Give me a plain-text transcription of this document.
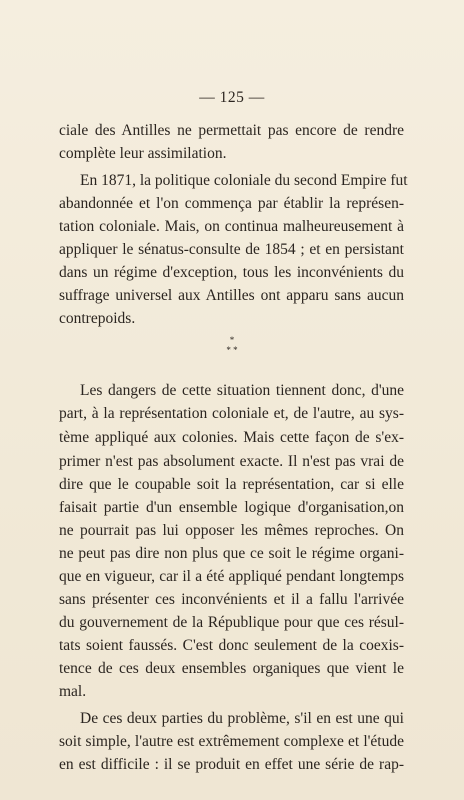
— 125 —
ciale des Antilles ne permettait pas encore de rendre
complète leur assimilation.
En 1871, la politique coloniale du second Empire fut
abandonnée et l'on commença par établir la représen-
tation coloniale. Mais, on continua malheureusement à
appliquer le sénatus-consulte de 1854 ; et en persistant
dans un régime d'exception, tous les inconvénients du
suffrage universel aux Antilles ont apparu sans aucun
contrepoids.
*
* *
Les dangers de cette situation tiennent donc, d'une
part, à la représentation coloniale et, de l'autre, au sys-
tème appliqué aux colonies. Mais cette façon de s'ex-
primer n'est pas absolument exacte. Il n'est pas vrai de
dire que le coupable soit la représentation, car si elle
faisait partie d'un ensemble logique d'organisation,on
ne pourrait pas lui opposer les mêmes reproches. On
ne peut pas dire non plus que ce soit le régime organi-
que en vigueur, car il a été appliqué pendant longtemps
sans présenter ces inconvénients et il a fallu l'arrivée
du gouvernement de la République pour que ces résul-
tats soient faussés. C'est donc seulement de la coexis-
tence de ces deux ensembles organiques que vient le
mal.
De ces deux parties du problème, s'il en est une qui
soit simple, l'autre est extrêmement complexe et l'étude
en est difficile : il se produit en effet une série de rap-
